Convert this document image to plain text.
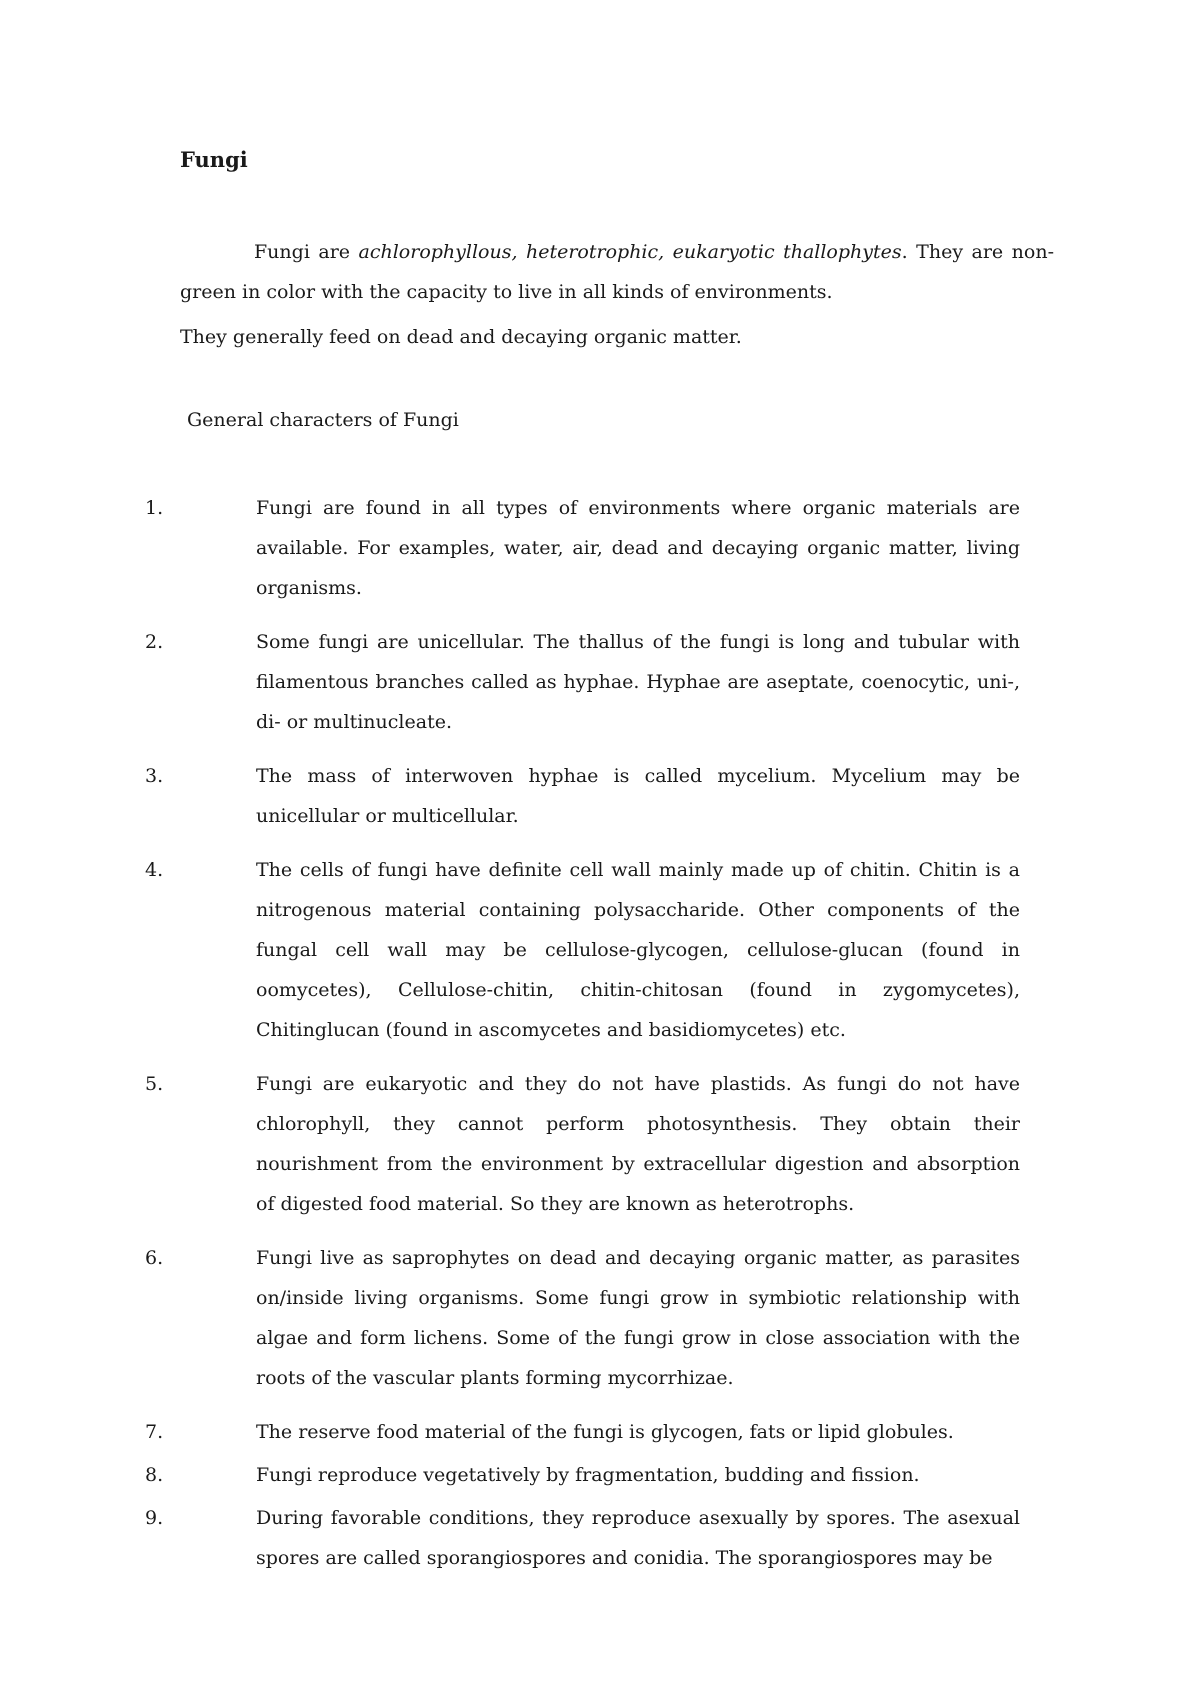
Fungi

Fungi are achlorophyllous, heterotrophic, eukaryotic thallophytes. They are non-green in color with the capacity to live in all kinds of environments.

They generally feed on dead and decaying organic matter.

General characters of Fungi
1.	Fungi are found in all types of environments where organic materials are available. For examples, water, air, dead and decaying organic matter, living organisms.
2.	Some fungi are unicellular. The thallus of the fungi is long and tubular with filamentous branches called as hyphae. Hyphae are aseptate, coenocytic, uni-, di- or multinucleate.
3.	The mass of interwoven hyphae is called mycelium. Mycelium may be unicellular or multicellular.
4.	The cells of fungi have definite cell wall mainly made up of chitin. Chitin is a nitrogenous material containing polysaccharide. Other components of the fungal cell wall may be cellulose-glycogen, cellulose-glucan (found in oomycetes), Cellulose-chitin, chitin-chitosan (found in zygomycetes), Chitinglucan (found in ascomycetes and basidiomycetes) etc.
5.	Fungi are eukaryotic and they do not have plastids. As fungi do not have chlorophyll, they cannot perform photosynthesis. They obtain their nourishment from the environment by extracellular digestion and absorption of digested food material. So they are known as heterotrophs.
6.	Fungi live as saprophytes on dead and decaying organic matter, as parasites on/inside living organisms. Some fungi grow in symbiotic relationship with algae and form lichens. Some of the fungi grow in close association with the roots of the vascular plants forming mycorrhizae.
7.	The reserve food material of the fungi is glycogen, fats or lipid globules.
8.	Fungi reproduce vegetatively by fragmentation, budding and fission.
9.	During favorable conditions, they reproduce asexually by spores. The asexual spores are called sporangiospores and conidia. The sporangiospores may be
